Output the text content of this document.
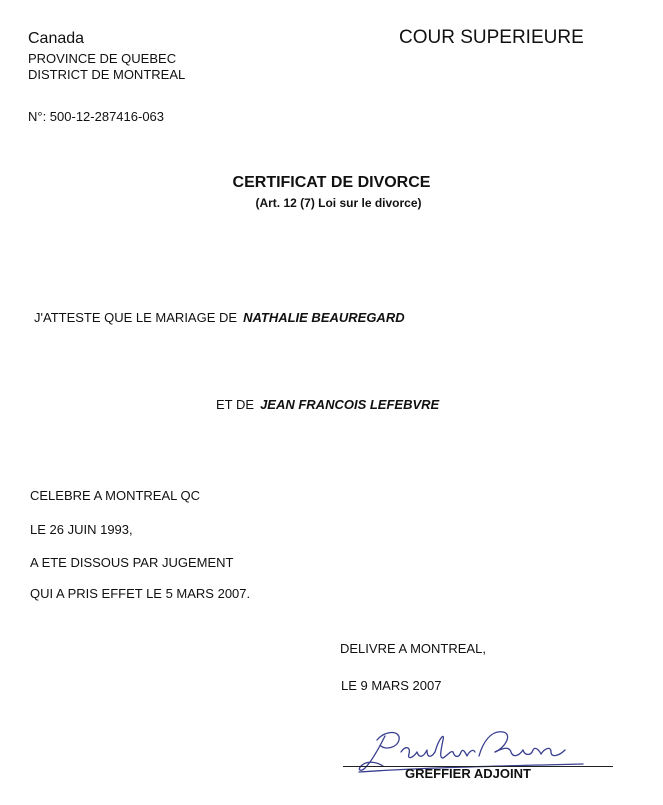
Canada
PROVINCE DE QUEBEC
DISTRICT DE MONTREAL
COUR SUPERIEURE
N°: 500-12-287416-063
CERTIFICAT DE DIVORCE
(Art. 12 (7) Loi sur le divorce)
J'ATTESTE QUE LE MARIAGE DE NATHALIE BEAUREGARD
ET DE JEAN FRANCOIS LEFEBVRE
CELEBRE A MONTREAL QC
LE 26 JUIN 1993,
A ETE DISSOUS PAR JUGEMENT
QUI A PRIS EFFET LE 5 MARS 2007.
DELIVRE A MONTREAL,
LE 9 MARS 2007
GREFFIER ADJOINT
